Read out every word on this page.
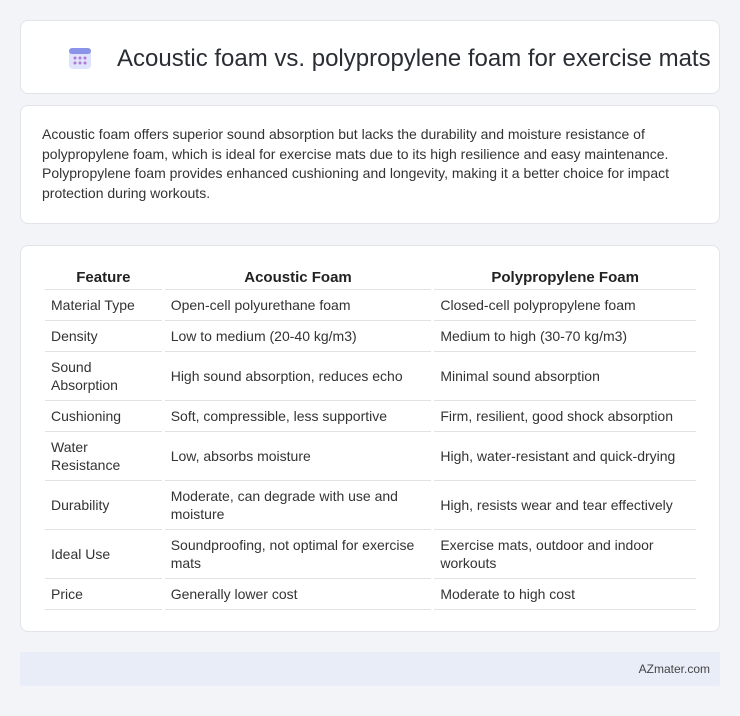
Acoustic foam vs. polypropylene foam for exercise mats

Acoustic foam offers superior sound absorption but lacks the durability and moisture resistance of polypropylene foam, which is ideal for exercise mats due to its high resilience and easy maintenance. Polypropylene foam provides enhanced cushioning and longevity, making it a better choice for impact protection during workouts.

Feature	Acoustic Foam	Polypropylene Foam
Material Type	Open-cell polyurethane foam	Closed-cell polypropylene foam
Density	Low to medium (20-40 kg/m3)	Medium to high (30-70 kg/m3)
Sound Absorption	High sound absorption, reduces echo	Minimal sound absorption
Cushioning	Soft, compressible, less supportive	Firm, resilient, good shock absorption
Water Resistance	Low, absorbs moisture	High, water-resistant and quick-drying
Durability	Moderate, can degrade with use and moisture	High, resists wear and tear effectively
Ideal Use	Soundproofing, not optimal for exercise mats	Exercise mats, outdoor and indoor workouts
Price	Generally lower cost	Moderate to high cost
AZmater.com
